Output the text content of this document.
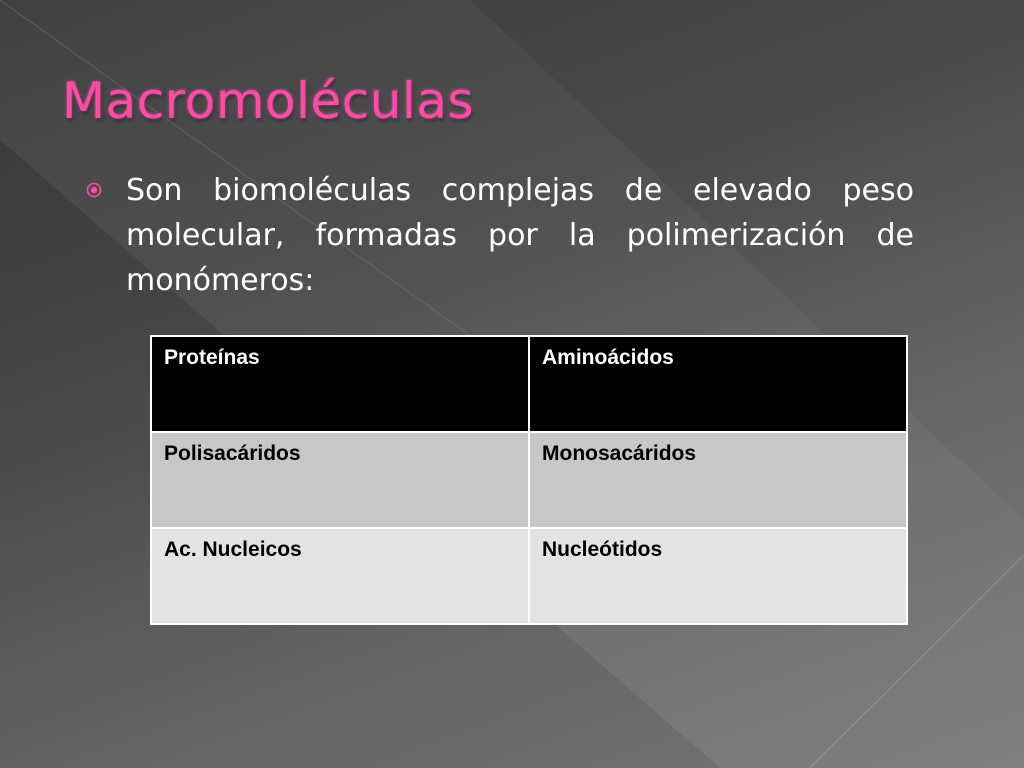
Macromoléculas

Son biomoléculas complejas de elevado peso molecular, formadas por la polimerización de monómeros:

Proteínas	Aminoácidos
Polisacáridos	Monosacáridos
Ac. Nucleicos	Nucleótidos
